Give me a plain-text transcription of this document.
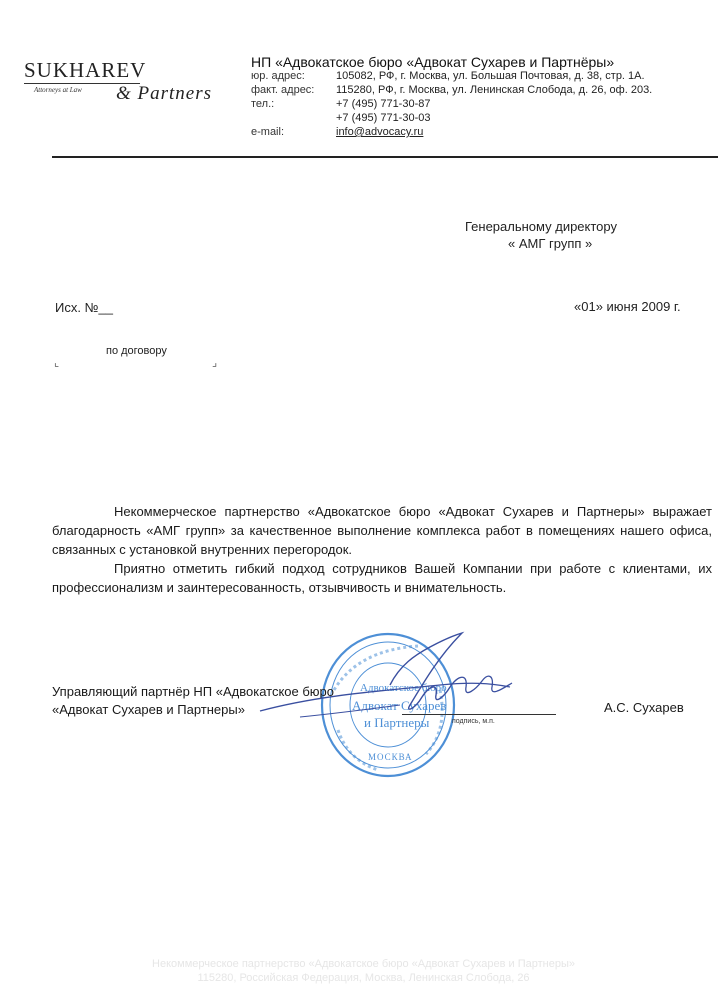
SUKHAREV
Attorneys at Law & Partners
НП «Адвокатское бюро «Адвокат Сухарев и Партнёры»
юр. адрес:	105082, РФ, г. Москва, ул. Большая Почтовая, д. 38, стр. 1А.
факт. адрес: 115280, РФ, г. Москва, ул. Ленинская Слобода, д. 26, оф. 203.
тел.:	+7 (495) 771-30-87
+7 (495) 771-30-03
e-mail:	info@advocacy.ru
Генеральному директору
« АМГ групп »
Исх. №__	«01» июня 2009 г.
⌞
по договору
⌟

Некоммерческое партнерство «Адвокатское бюро «Адвокат Сухарев и Партнеры» выражает благодарность «АМГ групп» за качественное выполнение комплекса работ в помещениях нашего офиса, связанных с установкой внутренних перегородок.

Приятно отметить гибкий подход сотрудников Вашей Компании при работе с клиентами, их профессионализм и заинтересованность, отзывчивость и внимательность.

Адвокатское бюро
Адвокат Сухарев
и Партнеры
МОСКВА
Управляющий партнёр НП «Адвокатское бюро
«Адвокат Сухарев и Партнеры»
подпись, м.п.
А.С. Сухарев
Некоммерческое партнерство «Адвокатское бюро «Адвокат Сухарев и Партнеры»
115280, Российская Федерация, Москва, Ленинская Слобода, 26
